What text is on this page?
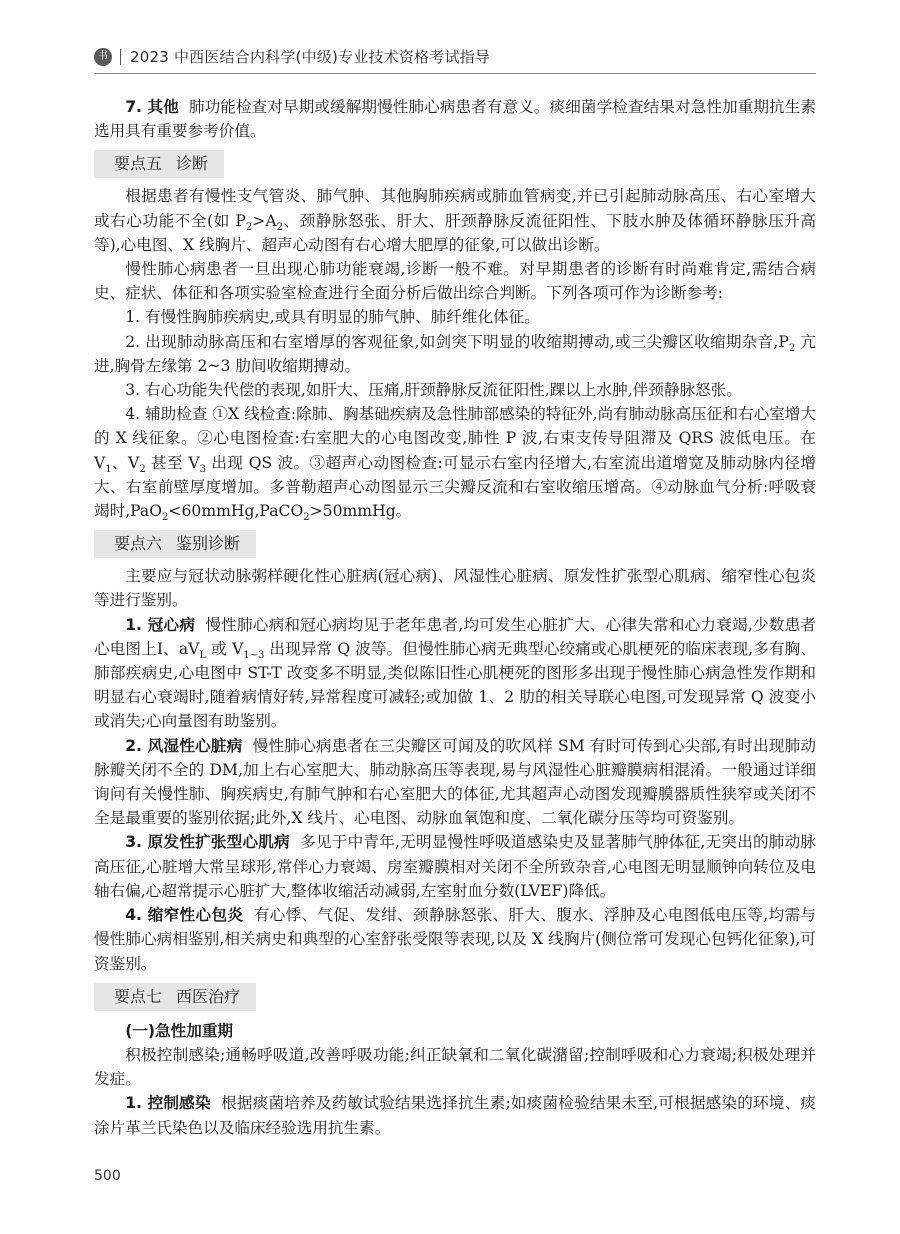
书 2023 中西医结合内科学(中级)专业技术资格考试指导

7. 其他 肺功能检查对早期或缓解期慢性肺心病患者有意义。痰细菌学检查结果对急性加重期抗生素选用具有重要参考价值。

要点五 诊断

根据患者有慢性支气管炎、肺气肿、其他胸肺疾病或肺血管病变,并已引起肺动脉高压、右心室增大或右心功能不全(如 $P_2>A_2$、颈静脉怒张、肝大、肝颈静脉反流征阳性、下肢水肿及体循环静脉压升高等),心电图、X 线胸片、超声心动图有右心增大肥厚的征象,可以做出诊断。

慢性肺心病患者一旦出现心肺功能衰竭,诊断一般不难。对早期患者的诊断有时尚难肯定,需结合病史、症状、体征和各项实验室检查进行全面分析后做出综合判断。下列各项可作为诊断参考:

1. 有慢性胸肺疾病史,或具有明显的肺气肿、肺纤维化体征。

2. 出现肺动脉高压和右室增厚的客观征象,如剑突下明显的收缩期搏动,或三尖瓣区收缩期杂音$,P_2$ 亢进,胸骨左缘第 2~3 肋间收缩期搏动。

3. 右心功能失代偿的表现,如肝大、压痛,肝颈静脉反流征阳性,踝以上水肿,伴颈静脉怒张。

4. 辅助检查 ①X 线检查:除肺、胸基础疾病及急性肺部感染的特征外,尚有肺动脉高压征和右心室增大的 X 线征象。②心电图检查:右室肥大的心电图改变,肺性 P 波,右束支传导阻滞及 QRS 波低电压。在 $V_1$、$V_2$ 甚至 $V_3$ 出现 QS 波。③超声心动图检查:可显示右室内径增大,右室流出道增宽及肺动脉内径增大、右室前壁厚度增加。多普勒超声心动图显示三尖瓣反流和右室收缩压增高。④动脉血气分析:呼吸衰竭时,PaO$_2$<60mmHg,PaCO$_2$>50mmHg。

要点六 鉴别诊断

主要应与冠状动脉粥样硬化性心脏病(冠心病)、风湿性心脏病、原发性扩张型心肌病、缩窄性心包炎等进行鉴别。

1. 冠心病 慢性肺心病和冠心病均见于老年患者,均可发生心脏扩大、心律失常和心力衰竭,少数患者心电图上Ⅰ、$aV_L$ 或 $V_{1\sim 3}$ 出现异常 Q 波等。但慢性肺心病无典型心绞痛或心肌梗死的临床表现,多有胸、肺部疾病史,心电图中 ST-T 改变多不明显,类似陈旧性心肌梗死的图形多出现于慢性肺心病急性发作期和明显右心衰竭时,随着病情好转,异常程度可减轻;或加做 1、2 肋的相关导联心电图,可发现异常 Q 波变小或消失;心向量图有助鉴别。

2. 风湿性心脏病 慢性肺心病患者在三尖瓣区可闻及的吹风样 SM 有时可传到心尖部,有时出现肺动脉瓣关闭不全的 DM,加上右心室肥大、肺动脉高压等表现,易与风湿性心脏瓣膜病相混淆。一般通过详细询问有关慢性肺、胸疾病史,有肺气肿和右心室肥大的体征,尤其超声心动图发现瓣膜器质性狭窄或关闭不全是最重要的鉴别依据;此外,X 线片、心电图、动脉血氧饱和度、二氧化碳分压等均可资鉴别。

3. 原发性扩张型心肌病 多见于中青年,无明显慢性呼吸道感染史及显著肺气肿体征,无突出的肺动脉高压征,心脏增大常呈球形,常伴心力衰竭、房室瓣膜相对关闭不全所致杂音,心电图无明显顺钟向转位及电轴右偏,心超常提示心脏扩大,整体收缩活动减弱,左室射血分数(LVEF)降低。

4. 缩窄性心包炎 有心悸、气促、发绀、颈静脉怒张、肝大、腹水、浮肿及心电图低电压等,均需与慢性肺心病相鉴别,相关病史和典型的心室舒张受限等表现,以及 X 线胸片(侧位常可发现心包钙化征象),可资鉴别。

要点七 西医治疗

(一)急性加重期

积极控制感染;通畅呼吸道,改善呼吸功能;纠正缺氧和二氧化碳潴留;控制呼吸和心力衰竭;积极处理并发症。

1. 控制感染 根据痰菌培养及药敏试验结果选择抗生素;如痰菌检验结果未至,可根据感染的环境、痰涂片革兰氏染色以及临床经验选用抗生素。

500
